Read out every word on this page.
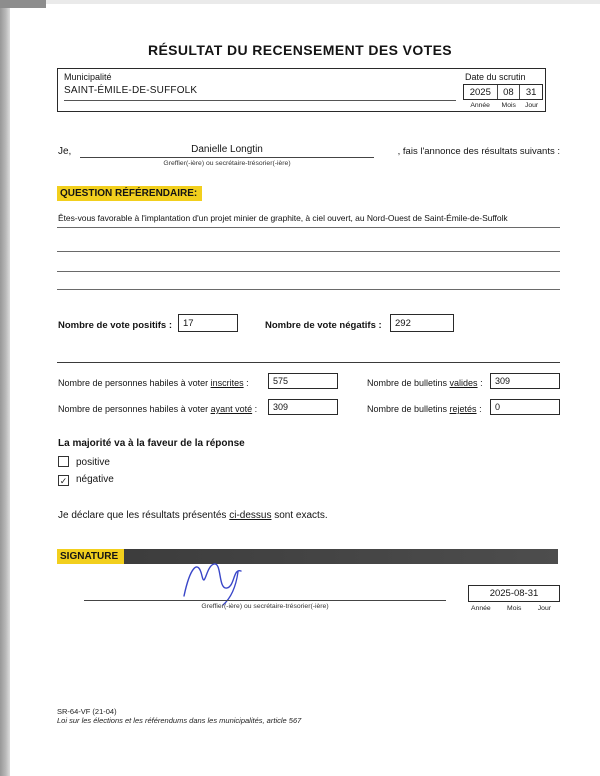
RÉSULTAT DU RECENSEMENT DES VOTES
Municipalité
SAINT-ÉMILE-DE-SUFFOLK
Date du scrutin
2025	08	31
Année	Mois	Jour
Je,	Danielle Longtin
Greffier(-ière) ou secrétaire-trésorier(-ière)
, fais l'annonce des résultats suivants :
QUESTION RÉFÉRENDAIRE:
Êtes-vous favorable à l'implantation d'un projet minier de graphite, à ciel ouvert, au Nord-Ouest de Saint-Émile-de-Suffolk
Nombre de vote positifs :	17	Nombre de vote négatifs :	292
Nombre de personnes habiles à voter inscrites :	575	Nombre de bulletins valides :	309
Nombre de personnes habiles à voter ayant voté :	309	Nombre de bulletins rejetés :	0
La majorité va à la faveur de la réponse
positive
✓ négative
Je déclare que les résultats présentés ci-dessus sont exacts.
SIGNATURE
Greffier(-ière) ou secrétaire-trésorier(-ière)
2025-08-31
Année Mois Jour
SR-64-VF (21-04)
Loi sur les élections et les référendums dans les municipalités, article 567
